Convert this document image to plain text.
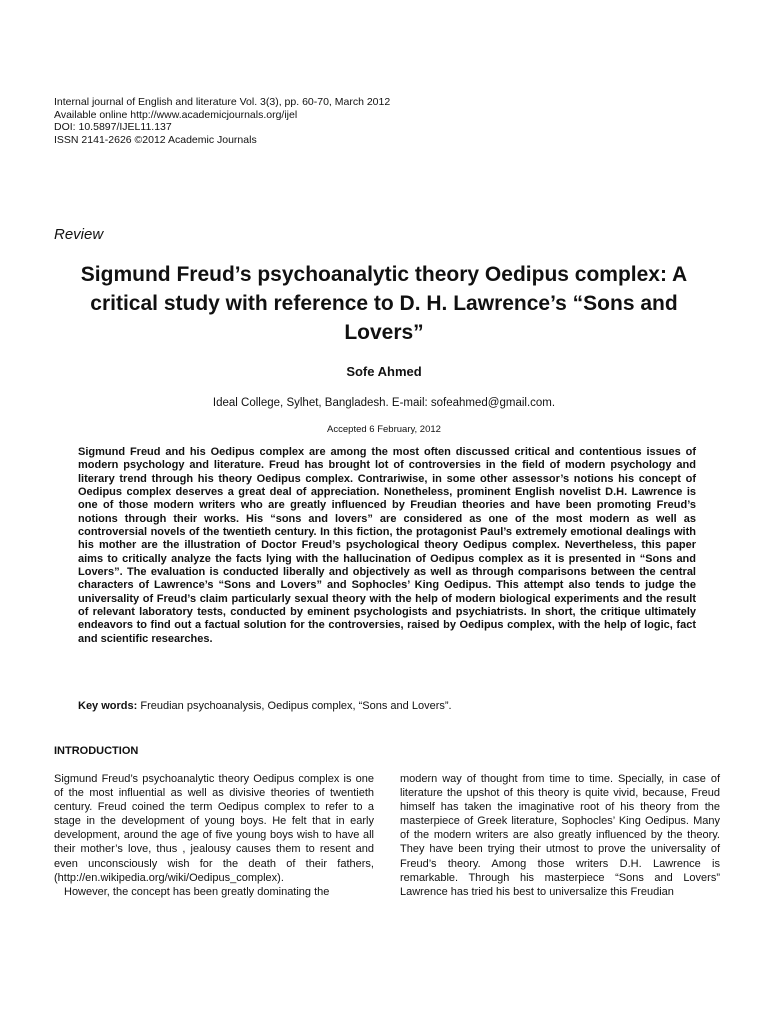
Internal journal of English and literature Vol. 3(3), pp. 60-70, March 2012
Available online http://www.academicjournals.org/ijel
DOI: 10.5897/IJEL11.137
ISSN 2141-2626 ©2012 Academic Journals
Review
Sigmund Freud’s psychoanalytic theory Oedipus complex: A critical study with reference to D. H. Lawrence’s “Sons and Lovers”
Sofe Ahmed
Ideal College, Sylhet, Bangladesh. E-mail: sofeahmed@gmail.com.
Accepted 6 February, 2012

Sigmund Freud and his Oedipus complex are among the most often discussed critical and contentious issues of modern psychology and literature. Freud has brought lot of controversies in the field of modern psychology and literary trend through his theory Oedipus complex. Contrariwise, in some other assessor’s notions his concept of Oedipus complex deserves a great deal of appreciation. Nonetheless, prominent English novelist D.H. Lawrence is one of those modern writers who are greatly influenced by Freudian theories and have been promoting Freud’s notions through their works. His “sons and lovers” are considered as one of the most modern as well as controversial novels of the twentieth century. In this fiction, the protagonist Paul’s extremely emotional dealings with his mother are the illustration of Doctor Freud’s psychological theory Oedipus complex. Nevertheless, this paper aims to critically analyze the facts lying with the hallucination of Oedipus complex as it is presented in “Sons and Lovers”. The evaluation is conducted liberally and objectively as well as through comparisons between the central characters of Lawrence’s “Sons and Lovers” and Sophocles’ King Oedipus. This attempt also tends to judge the universality of Freud’s claim particularly sexual theory with the help of modern biological experiments and the result of relevant laboratory tests, conducted by eminent psychologists and psychiatrists. In short, the critique ultimately endeavors to find out a factual solution for the controversies, raised by Oedipus complex, with the help of logic, fact and scientific researches.

Key words: Freudian psychoanalysis, Oedipus complex, “Sons and Lovers”.
INTRODUCTION

Sigmund Freud’s psychoanalytic theory Oedipus complex is one of the most influential as well as divisive theories of twentieth century. Freud coined the term Oedipus complex to refer to a stage in the development of young boys. He felt that in early development, around the age of five young boys wish to have all their mother’s love, thus , jealousy causes them to resent and even unconsciously wish for the death of their fathers, (http://en.wikipedia.org/wiki/Oedipus_complex).

However, the concept has been greatly dominating the

modern way of thought from time to time. Specially, in case of literature the upshot of this theory is quite vivid, because, Freud himself has taken the imaginative root of his theory from the masterpiece of Greek literature, Sophocles’ King Oedipus. Many of the modern writers are also greatly influenced by the theory. They have been trying their utmost to prove the universality of Freud’s theory. Among those writers D.H. Lawrence is remarkable. Through his masterpiece “Sons and Lovers” Lawrence has tried his best to universalize this Freudian
